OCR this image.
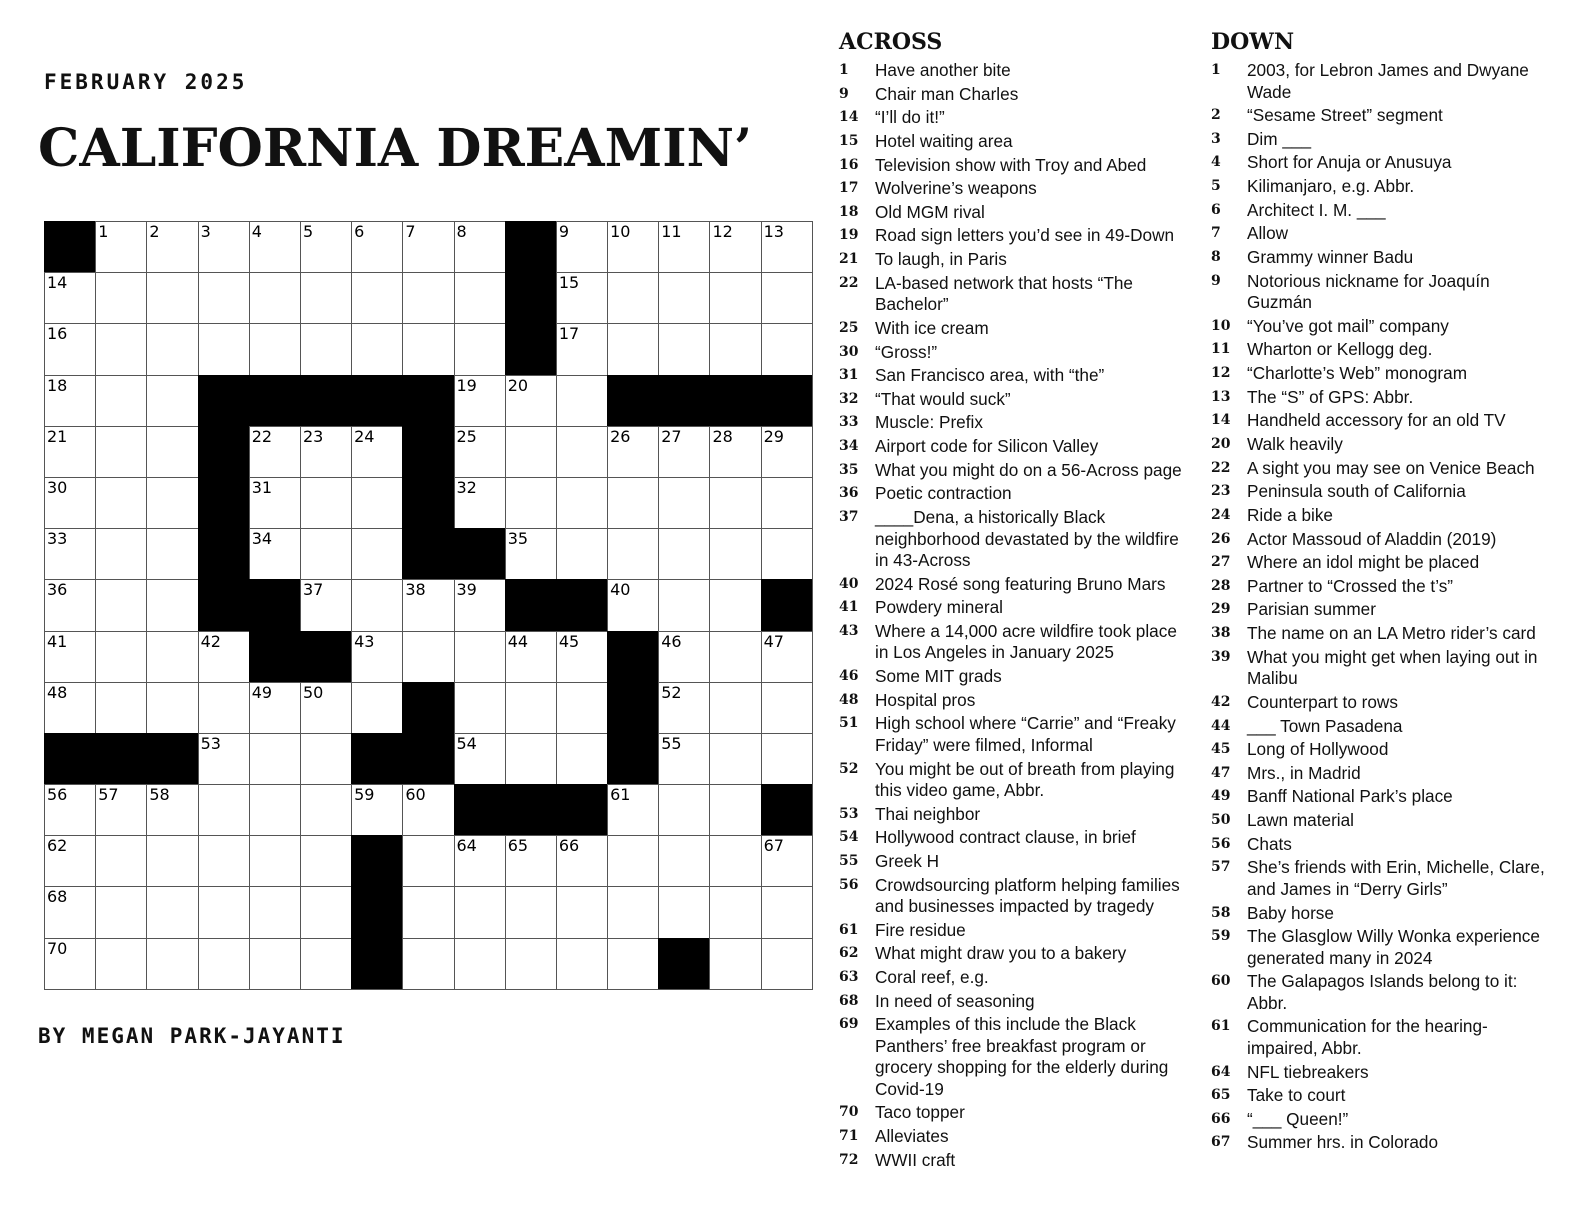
FEBRUARY 2025
CALIFORNIA DREAMIN’
1	2	3	4	5	6	7	8	9	10 11 12 13
14	15
16	17
18	19 20
21	22 23 24	25	26 27 28 29
30	31	32
33	34	35
36	37	38 39	40
41	42	43	44 45	46	47
48	49 50	52
53	54	55
56 57 58	59 60	61
62	64 65 66	67
68
70
BY MEGAN PARK-JAYANTI
ACROSS
1	Have another bite
9	Chair man Charles
14 “I’ll do it!”
15 Hotel waiting area
16 Television show with Troy and Abed
17 Wolverine’s weapons
18 Old MGM rival
19 Road sign letters you’d see in 49-Down
21 To laugh, in Paris
22 LA-based network that hosts “The Bachelor”
25 With ice cream
30 “Gross!”
31 San Francisco area, with “the”
32 “That would suck”
33 Muscle: Prefix
34 Airport code for Silicon Valley
35 What you might do on a 56-Across page
36 Poetic contraction
37 ____Dena, a historically Black neighborhood devastated by the wildfire in 43-Across
40 2024 Rosé song featuring Bruno Mars
41 Powdery mineral
43 Where a 14,000 acre wildfire took place in Los Angeles in January 2025
46 Some MIT grads
48 Hospital pros
51 High school where “Carrie” and “Freaky Friday” were filmed, Informal
52 You might be out of breath from playing this video game, Abbr.
53 Thai neighbor
54 Hollywood contract clause, in brief
55 Greek H
56 Crowdsourcing platform helping families and businesses impacted by tragedy
61 Fire residue
62 What might draw you to a bakery
63 Coral reef, e.g.
68 In need of seasoning
69 Examples of this include the Black Panthers’ free breakfast program or grocery shopping for the elderly during Covid-19
70 Taco topper
71 Alleviates
72 WWII craft
DOWN
1	2003, for Lebron James and Dwyane Wade
2	“Sesame Street” segment
3	Dim ___
4	Short for Anuja or Anusuya
5	Kilimanjaro, e.g. Abbr.
6	Architect I. M. ___
7	Allow
8	Grammy winner Badu
9	Notorious nickname for Joaquín Guzmán
10 “You’ve got mail” company
11 Wharton or Kellogg deg.
12 “Charlotte’s Web” monogram
13 The “S” of GPS: Abbr.
14 Handheld accessory for an old TV
20 Walk heavily
22 A sight you may see on Venice Beach
23 Peninsula south of California
24 Ride a bike
26 Actor Massoud of Aladdin (2019)
27 Where an idol might be placed
28 Partner to “Crossed the t’s”
29 Parisian summer
38 The name on an LA Metro rider’s card
39 What you might get when laying out in Malibu
42 Counterpart to rows
44 ___ Town Pasadena
45 Long of Hollywood
47 Mrs., in Madrid
49 Banff National Park’s place
50 Lawn material
56 Chats
57 She’s friends with Erin, Michelle, Clare, and James in “Derry Girls”
58 Baby horse
59 The Glasglow Willy Wonka experience generated many in 2024
60 The Galapagos Islands belong to it: Abbr.
61 Communication for the hearing-impaired, Abbr.
64 NFL tiebreakers
65 Take to court
66 “___ Queen!”
67 Summer hrs. in Colorado
